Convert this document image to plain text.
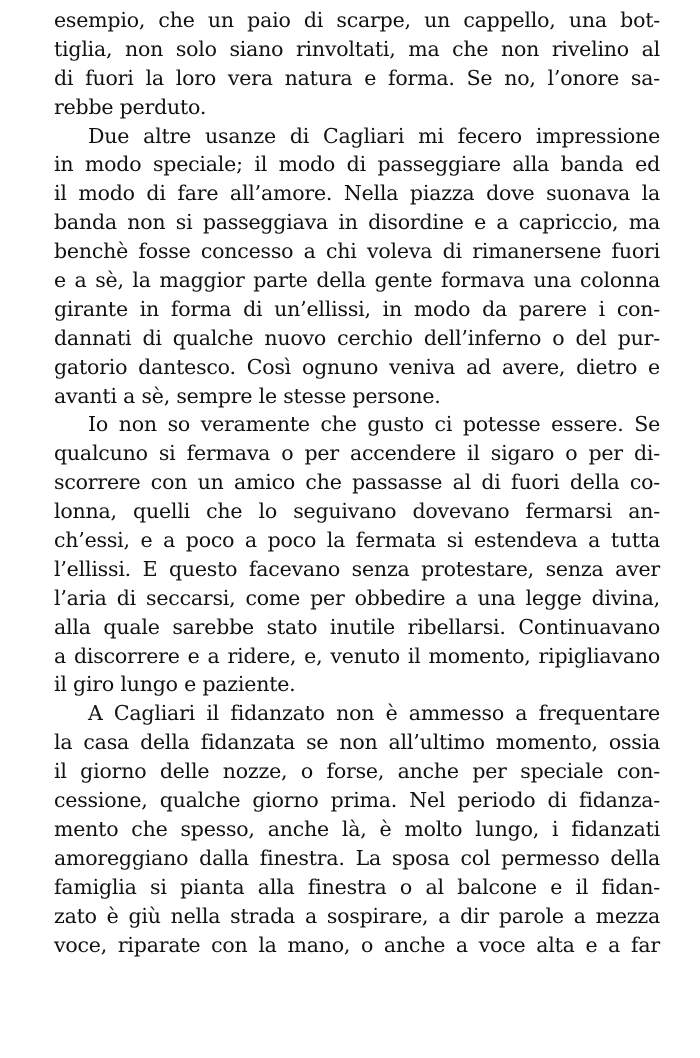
esempio, che un paio di scarpe, un cappello, una bot-
tiglia, non solo siano rinvoltati, ma che non rivelino al
di fuori la loro vera natura e forma. Se no, l’onore sa-
rebbe perduto.
Due altre usanze di Cagliari mi fecero impressione
in modo speciale; il modo di passeggiare alla banda ed
il modo di fare all’amore. Nella piazza dove suonava la
banda non si passeggiava in disordine e a capriccio, ma
benchè fosse concesso a chi voleva di rimanersene fuori
e a sè, la maggior parte della gente formava una colonna
girante in forma di un’ellissi, in modo da parere i con-
dannati di qualche nuovo cerchio dell’inferno o del pur-
gatorio dantesco. Così ognuno veniva ad avere, dietro e
avanti a sè, sempre le stesse persone.
Io non so veramente che gusto ci potesse essere. Se
qualcuno si fermava o per accendere il sigaro o per di-
scorrere con un amico che passasse al di fuori della co-
lonna, quelli che lo seguivano dovevano fermarsi an-
ch’essi, e a poco a poco la fermata si estendeva a tutta
l’ellissi. E questo facevano senza protestare, senza aver
l’aria di seccarsi, come per obbedire a una legge divina,
alla quale sarebbe stato inutile ribellarsi. Continuavano
a discorrere e a ridere, e, venuto il momento, ripigliavano
il giro lungo e paziente.
A Cagliari il fidanzato non è ammesso a frequentare
la casa della fidanzata se non all’ultimo momento, ossia
il giorno delle nozze, o forse, anche per speciale con-
cessione, qualche giorno prima. Nel periodo di fidanza-
mento che spesso, anche là, è molto lungo, i fidanzati
amoreggiano dalla finestra. La sposa col permesso della
famiglia si pianta alla finestra o al balcone e il fidan-
zato è giù nella strada a sospirare, a dir parole a mezza
voce, riparate con la mano, o anche a voce alta e a far
